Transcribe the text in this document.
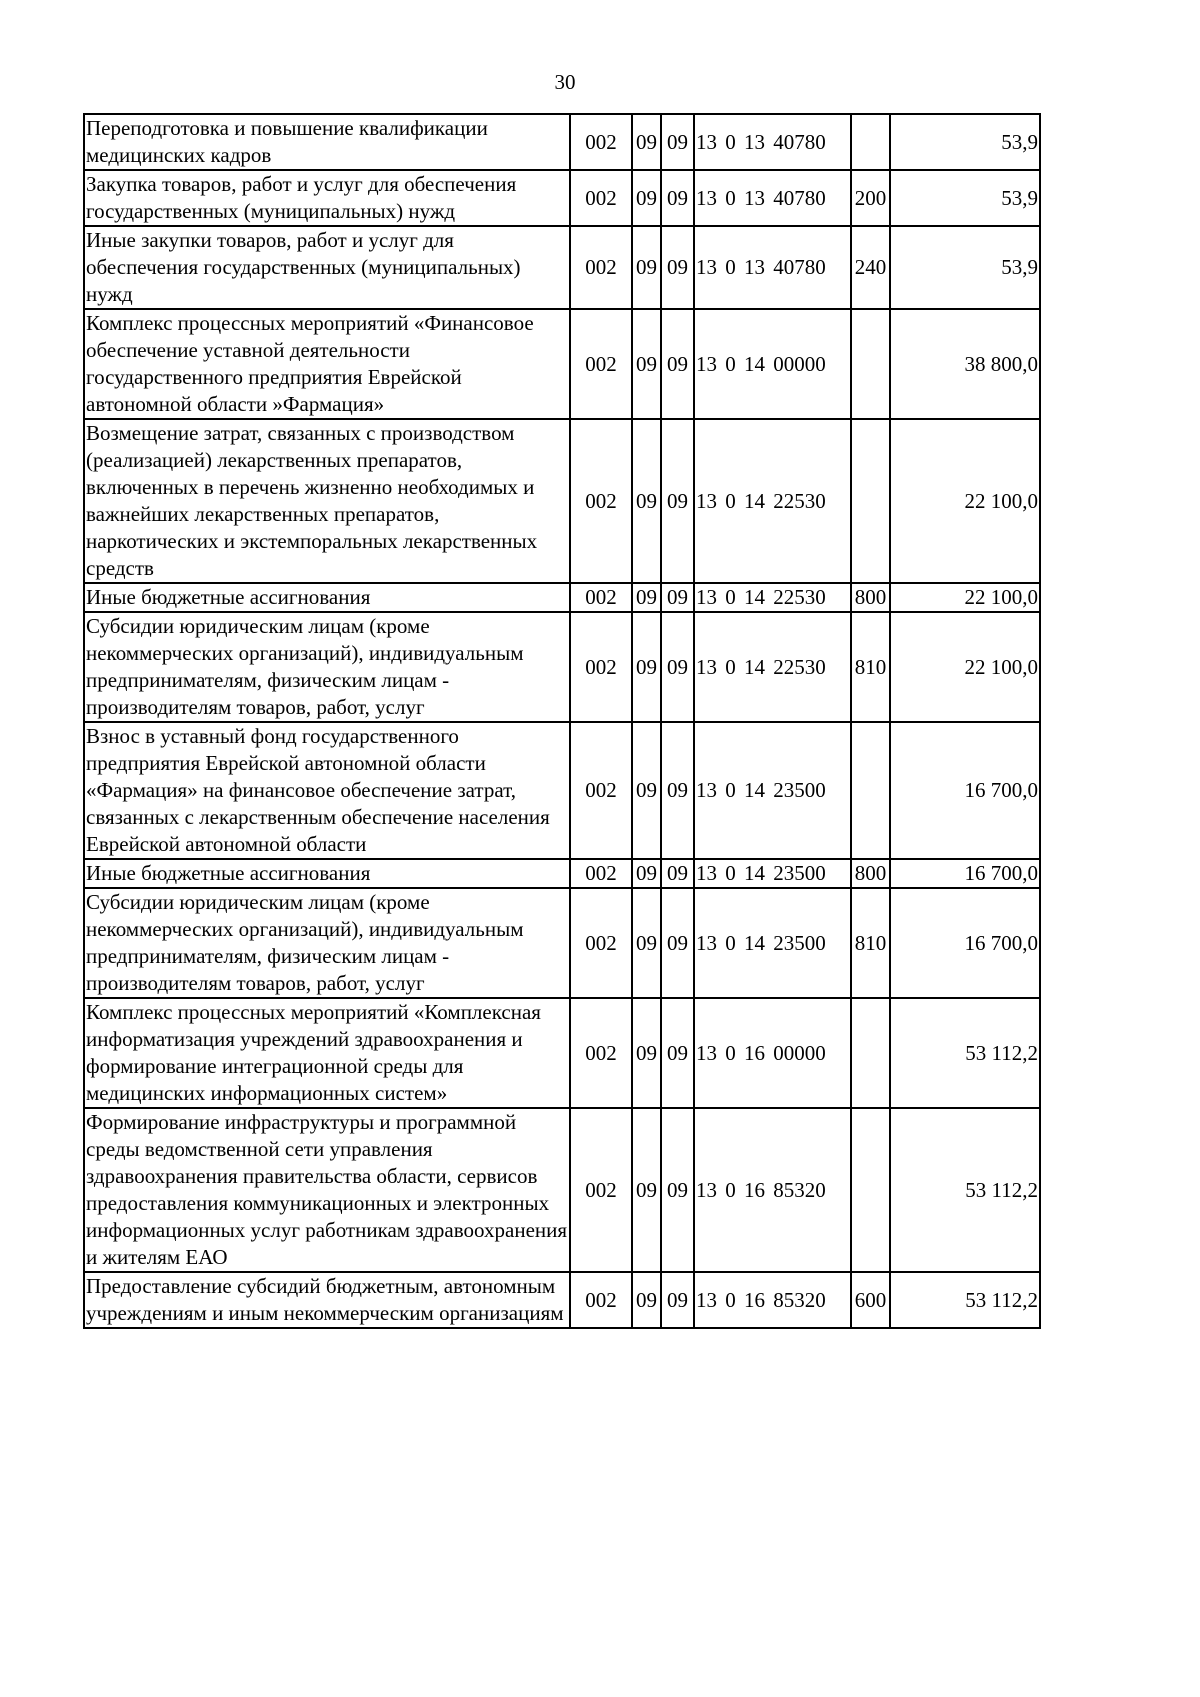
30
Переподготовка и повышение квалификации медицинских кадров	002	09	09	13 0 13 40780		53,9
Закупка товаров, работ и услуг для обеспечения государственных (муниципальных) нужд	002	09	09	13 0 13 40780	200	53,9
Иные закупки товаров, работ и услуг для обеспечения государственных (муниципальных) нужд	002	09	09	13 0 13 40780	240	53,9
Комплекс процессных мероприятий «Финансовое обеспечение уставной деятельности государственного предприятия Еврейской автономной области »Фармация»	002	09	09	13 0 14 00000		38 800,0
Возмещение затрат, связанных с производством (реализацией) лекарственных препаратов, включенных в перечень жизненно необходимых и важнейших лекарственных препаратов, наркотических и экстемпоральных лекарственных средств	002	09	09	13 0 14 22530		22 100,0
Иные бюджетные ассигнования	002	09	09	13 0 14 22530	800	22 100,0
Субсидии юридическим лицам (кроме некоммерческих организаций), индивидуальным предпринимателям, физическим лицам - производителям товаров, работ, услуг	002	09	09	13 0 14 22530	810	22 100,0
Взнос в уставный фонд государственного предприятия Еврейской автономной области «Фармация» на финансовое обеспечение затрат, связанных с лекарственным обеспечение населения Еврейской автономной области	002	09	09	13 0 14 23500		16 700,0
Иные бюджетные ассигнования	002	09	09	13 0 14 23500	800	16 700,0
Субсидии юридическим лицам (кроме некоммерческих организаций), индивидуальным предпринимателям, физическим лицам - производителям товаров, работ, услуг	002	09	09	13 0 14 23500	810	16 700,0
Комплекс процессных мероприятий «Комплексная информатизация учреждений здравоохранения и формирование интеграционной среды для медицинских информационных систем»	002	09	09	13 0 16 00000		53 112,2
Формирование инфраструктуры и программной среды ведомственной сети управления здравоохранения правительства области, сервисов предоставления коммуникационных и электронных информационных услуг работникам здравоохранения и жителям ЕАО	002	09	09	13 0 16 85320		53 112,2
Предоставление субсидий бюджетным, автономным учреждениям и иным некоммерческим организациям	002	09	09	13 0 16 85320	600	53 112,2
